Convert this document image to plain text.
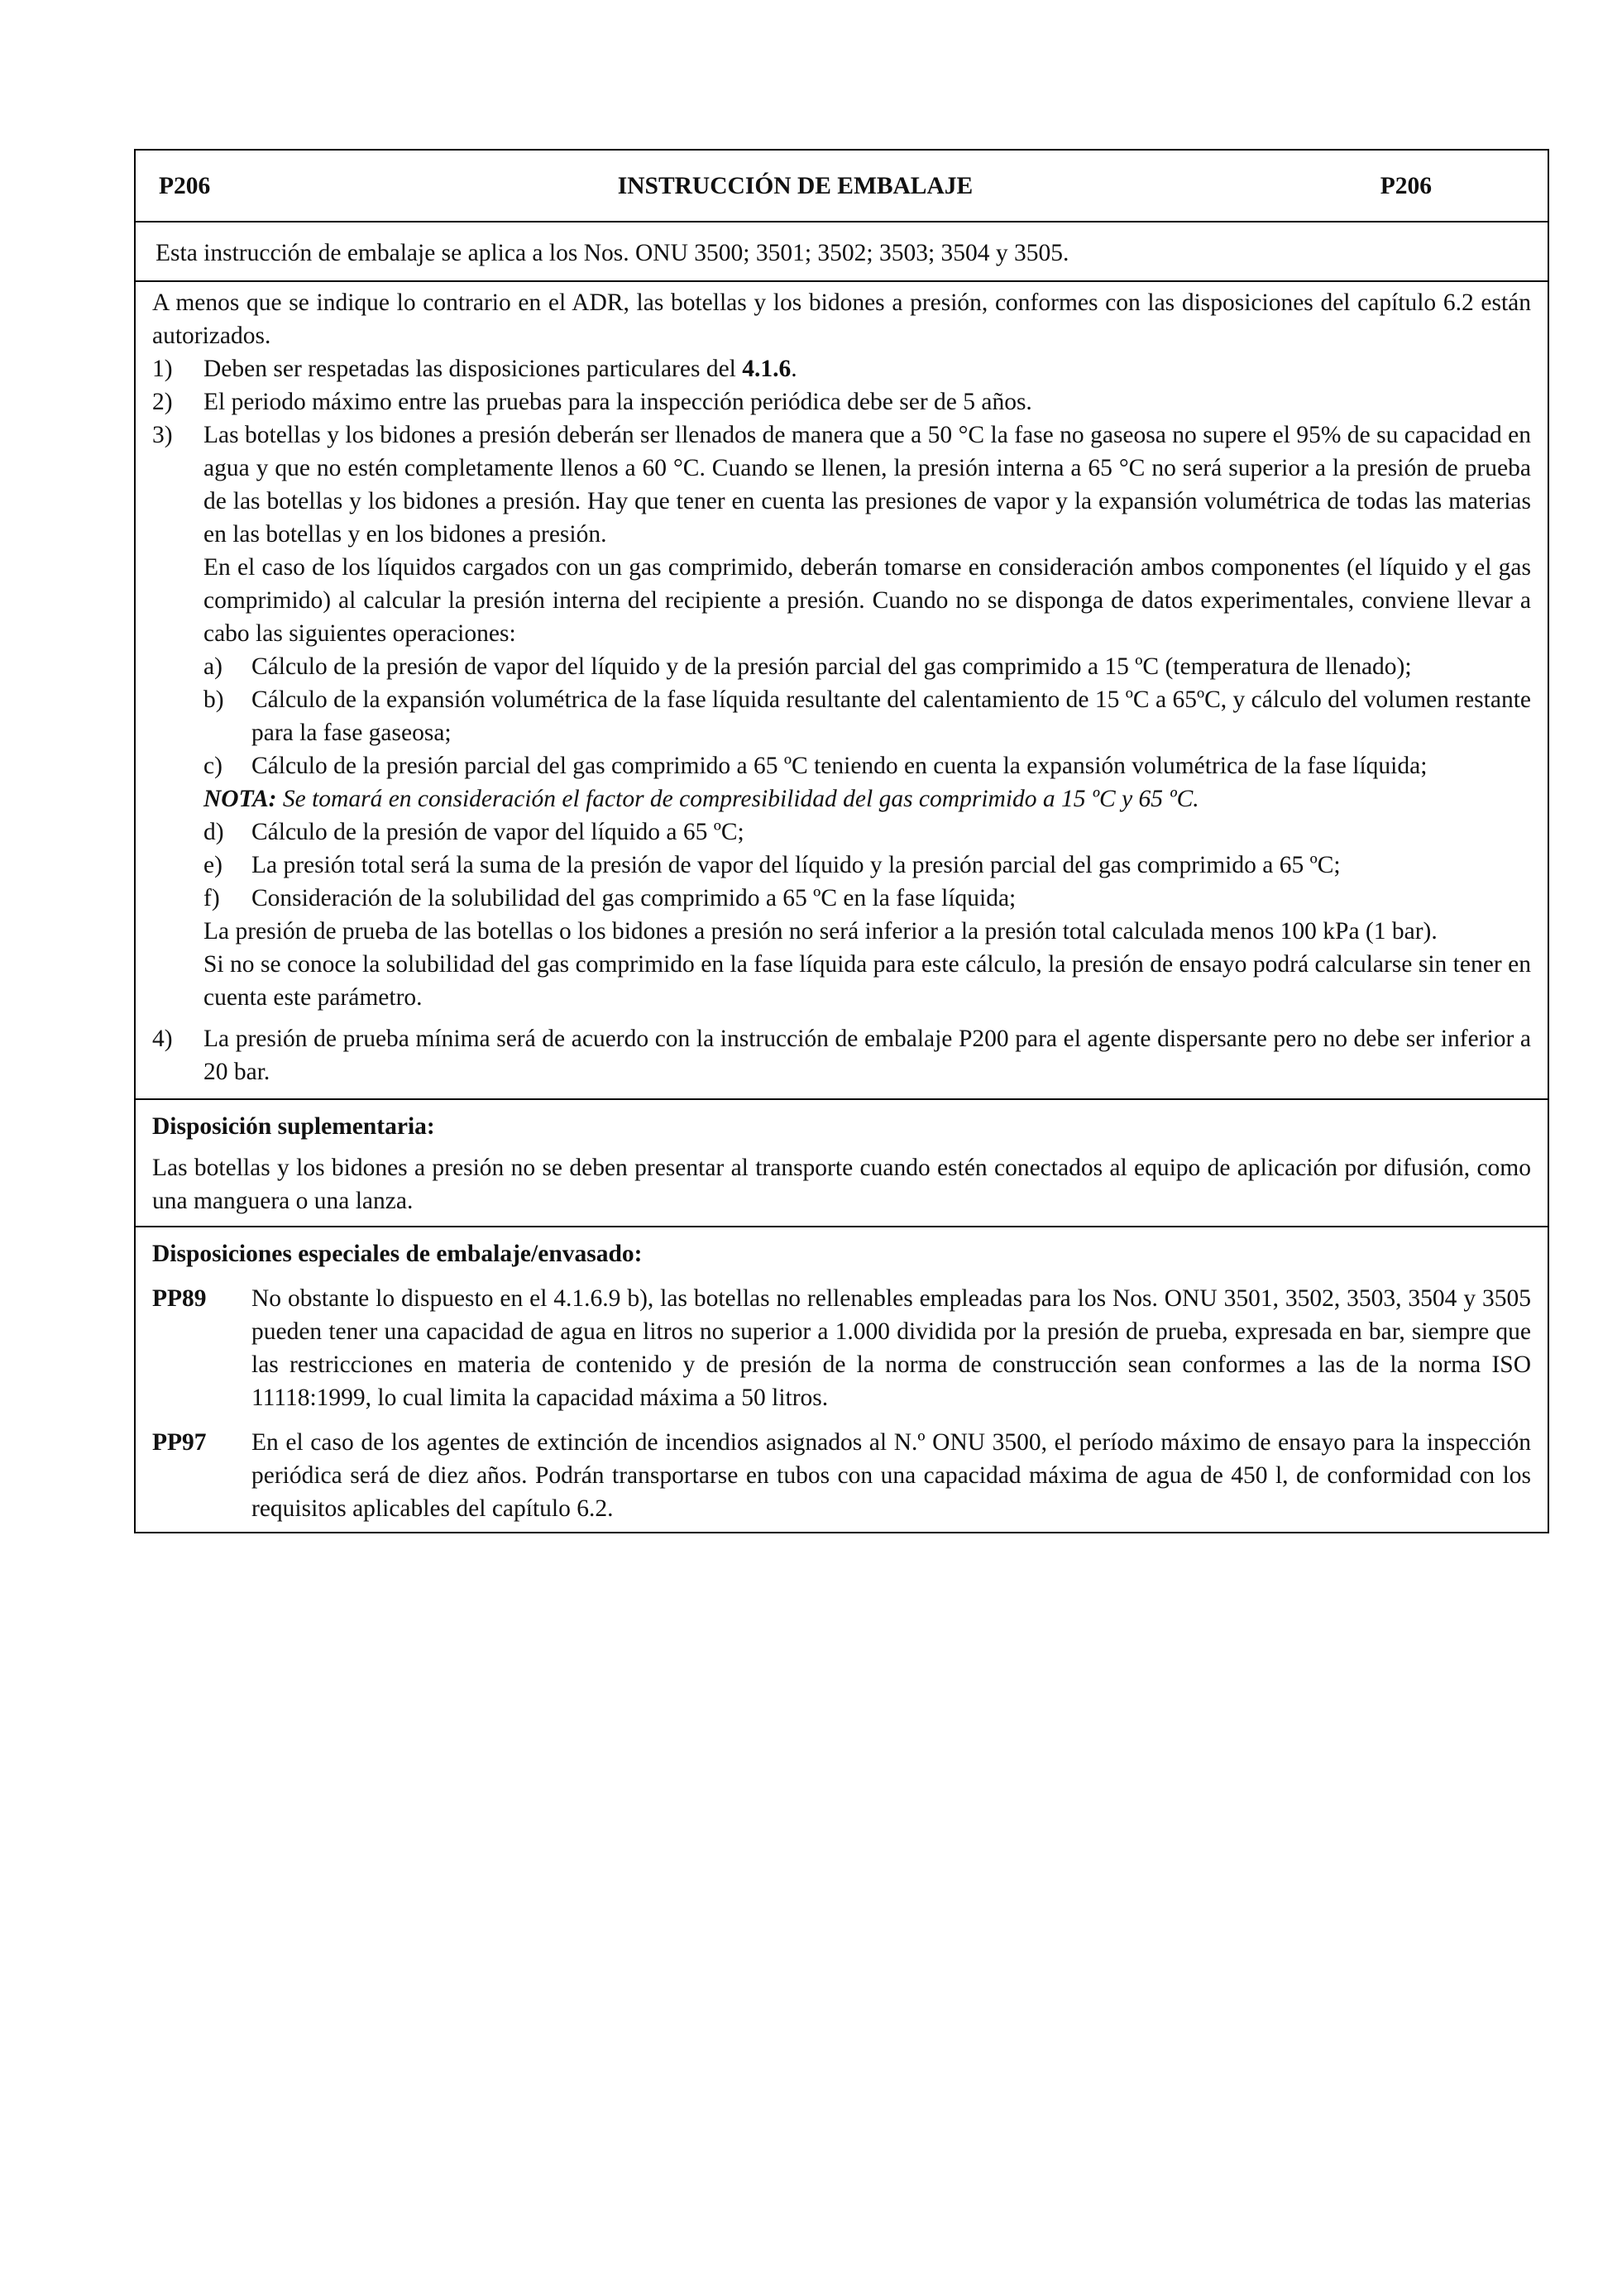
P206	INSTRUCCIÓN DE EMBALAJE	P206
Esta instrucción de embalaje se aplica a los Nos. ONU 3500; 3501; 3502; 3503; 3504 y 3505.
A menos que se indique lo contrario en el ADR, las botellas y los bidones a presión, conformes con las disposiciones del capítulo 6.2 están autorizados.
1)	Deben ser respetadas las disposiciones particulares del 4.1.6.
2)	El periodo máximo entre las pruebas para la inspección periódica debe ser de 5 años.
3)	Las botellas y los bidones a presión deberán ser llenados de manera que a 50 °C la fase no gaseosa no supere el 95% de su capacidad en agua y que no estén completamente llenos a 60 °C. Cuando se llenen, la presión interna a 65 °C no será superior a la presión de prueba de las botellas y los bidones a presión. Hay que tener en cuenta las presiones de vapor y la expansión volumétrica de todas las materias en las botellas y en los bidones a presión.
En el caso de los líquidos cargados con un gas comprimido, deberán tomarse en consideración ambos componentes (el líquido y el gas comprimido) al calcular la presión interna del recipiente a presión. Cuando no se disponga de datos experimentales, conviene llevar a cabo las siguientes operaciones:
a)	Cálculo de la presión de vapor del líquido y de la presión parcial del gas comprimido a 15 ºC (temperatura de llenado);
b)	Cálculo de la expansión volumétrica de la fase líquida resultante del calentamiento de 15 ºC a 65ºC, y cálculo del volumen restante para la fase gaseosa;
c)	Cálculo de la presión parcial del gas comprimido a 65 ºC teniendo en cuenta la expansión volumétrica de la fase líquida;
NOTA: Se tomará en consideración el factor de compresibilidad del gas comprimido a 15 ºC y 65 ºC.
d)	Cálculo de la presión de vapor del líquido a 65 ºC;
e)	La presión total será la suma de la presión de vapor del líquido y la presión parcial del gas comprimido a 65 ºC;
f)	Consideración de la solubilidad del gas comprimido a 65 ºC en la fase líquida;
La presión de prueba de las botellas o los bidones a presión no será inferior a la presión total calculada menos 100 kPa (1 bar).
Si no se conoce la solubilidad del gas comprimido en la fase líquida para este cálculo, la presión de ensayo podrá calcularse sin tener en cuenta este parámetro.
4)	La presión de prueba mínima será de acuerdo con la instrucción de embalaje P200 para el agente dispersante pero no debe ser inferior a 20 bar.
Disposición suplementaria:
Las botellas y los bidones a presión no se deben presentar al transporte cuando estén conectados al equipo de aplicación por difusión, como una manguera o una lanza.
Disposiciones especiales de embalaje/envasado:
PP89	No obstante lo dispuesto en el 4.1.6.9 b), las botellas no rellenables empleadas para los Nos. ONU 3501, 3502, 3503, 3504 y 3505 pueden tener una capacidad de agua en litros no superior a 1.000 dividida por la presión de prueba, expresada en bar, siempre que las restricciones en materia de contenido y de presión de la norma de construcción sean conformes a las de la norma ISO 11118:1999, lo cual limita la capacidad máxima a 50 litros.
PP97	En el caso de los agentes de extinción de incendios asignados al N.º ONU 3500, el período máximo de ensayo para la inspección periódica será de diez años. Podrán transportarse en tubos con una capacidad máxima de agua de 450 l, de conformidad con los requisitos aplicables del capítulo 6.2.
